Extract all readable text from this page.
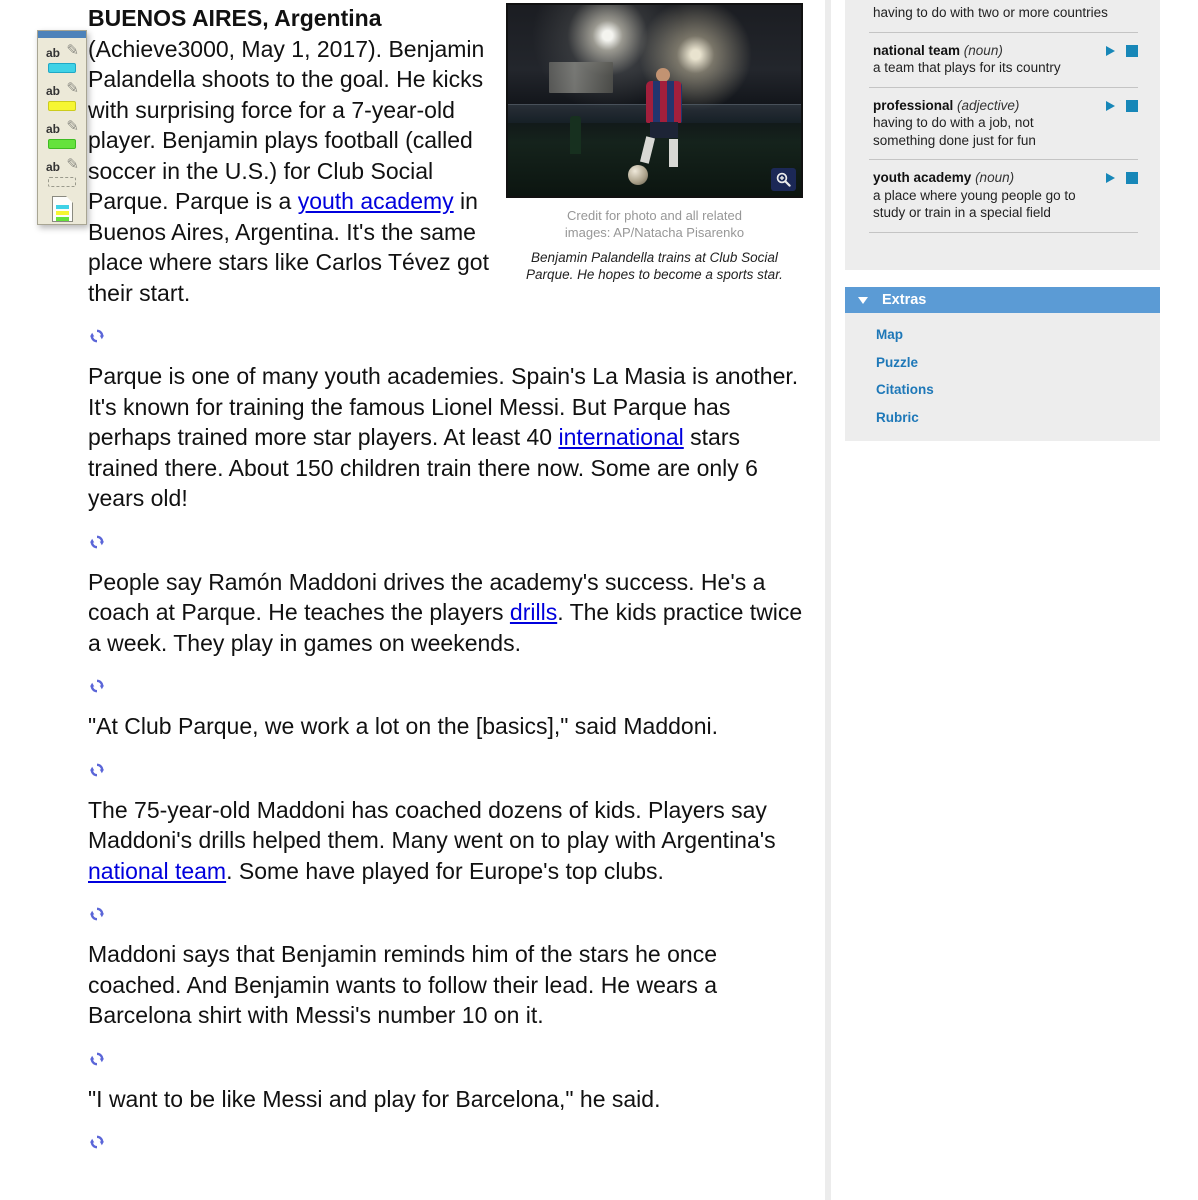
Credit for photo and all related images: AP/Natacha Pisarenko
Benjamin Palandella trains at Club Social Parque. He hopes to become a sports star.

BUENOS AIRES, Argentina (Achieve3000, May 1, 2017). Benjamin Palandella shoots to the goal. He kicks with surprising force for a 7-year-old player. Benjamin plays football (called soccer in the U.S.) for Club Social Parque. Parque is a youth academy in Buenos Aires, Argentina. It's the same place where stars like Carlos Tévez got their start.

Parque is one of many youth academies. Spain's La Masia is another. It's known for training the famous Lionel Messi. But Parque has perhaps trained more star players. At least 40 international stars trained there. About 150 children train there now. Some are only 6 years old!

People say Ramón Maddoni drives the academy's success. He's a coach at Parque. He teaches the players drills. The kids practice twice a week. They play in games on weekends.

"At Club Parque, we work a lot on the [basics]," said Maddoni.

The 75-year-old Maddoni has coached dozens of kids. Players say Maddoni's drills helped them. Many went on to play with Argentina's national team. Some have played for Europe's top clubs.

Maddoni says that Benjamin reminds him of the stars he once coached. And Benjamin wants to follow their lead. He wears a Barcelona shirt with Messi's number 10 on it.

"I want to be like Messi and play for Barcelona," he said.

ab ✎
ab ✎
ab ✎
ab ✎
having to do with two or more countries
national team (noun)
a team that plays for its country
professional (adjective)
having to do with a job, not something done just for fun
youth academy (noun)
a place where young people go to study or train in a special field
Extras
Map
Puzzle
Citations
Rubric
